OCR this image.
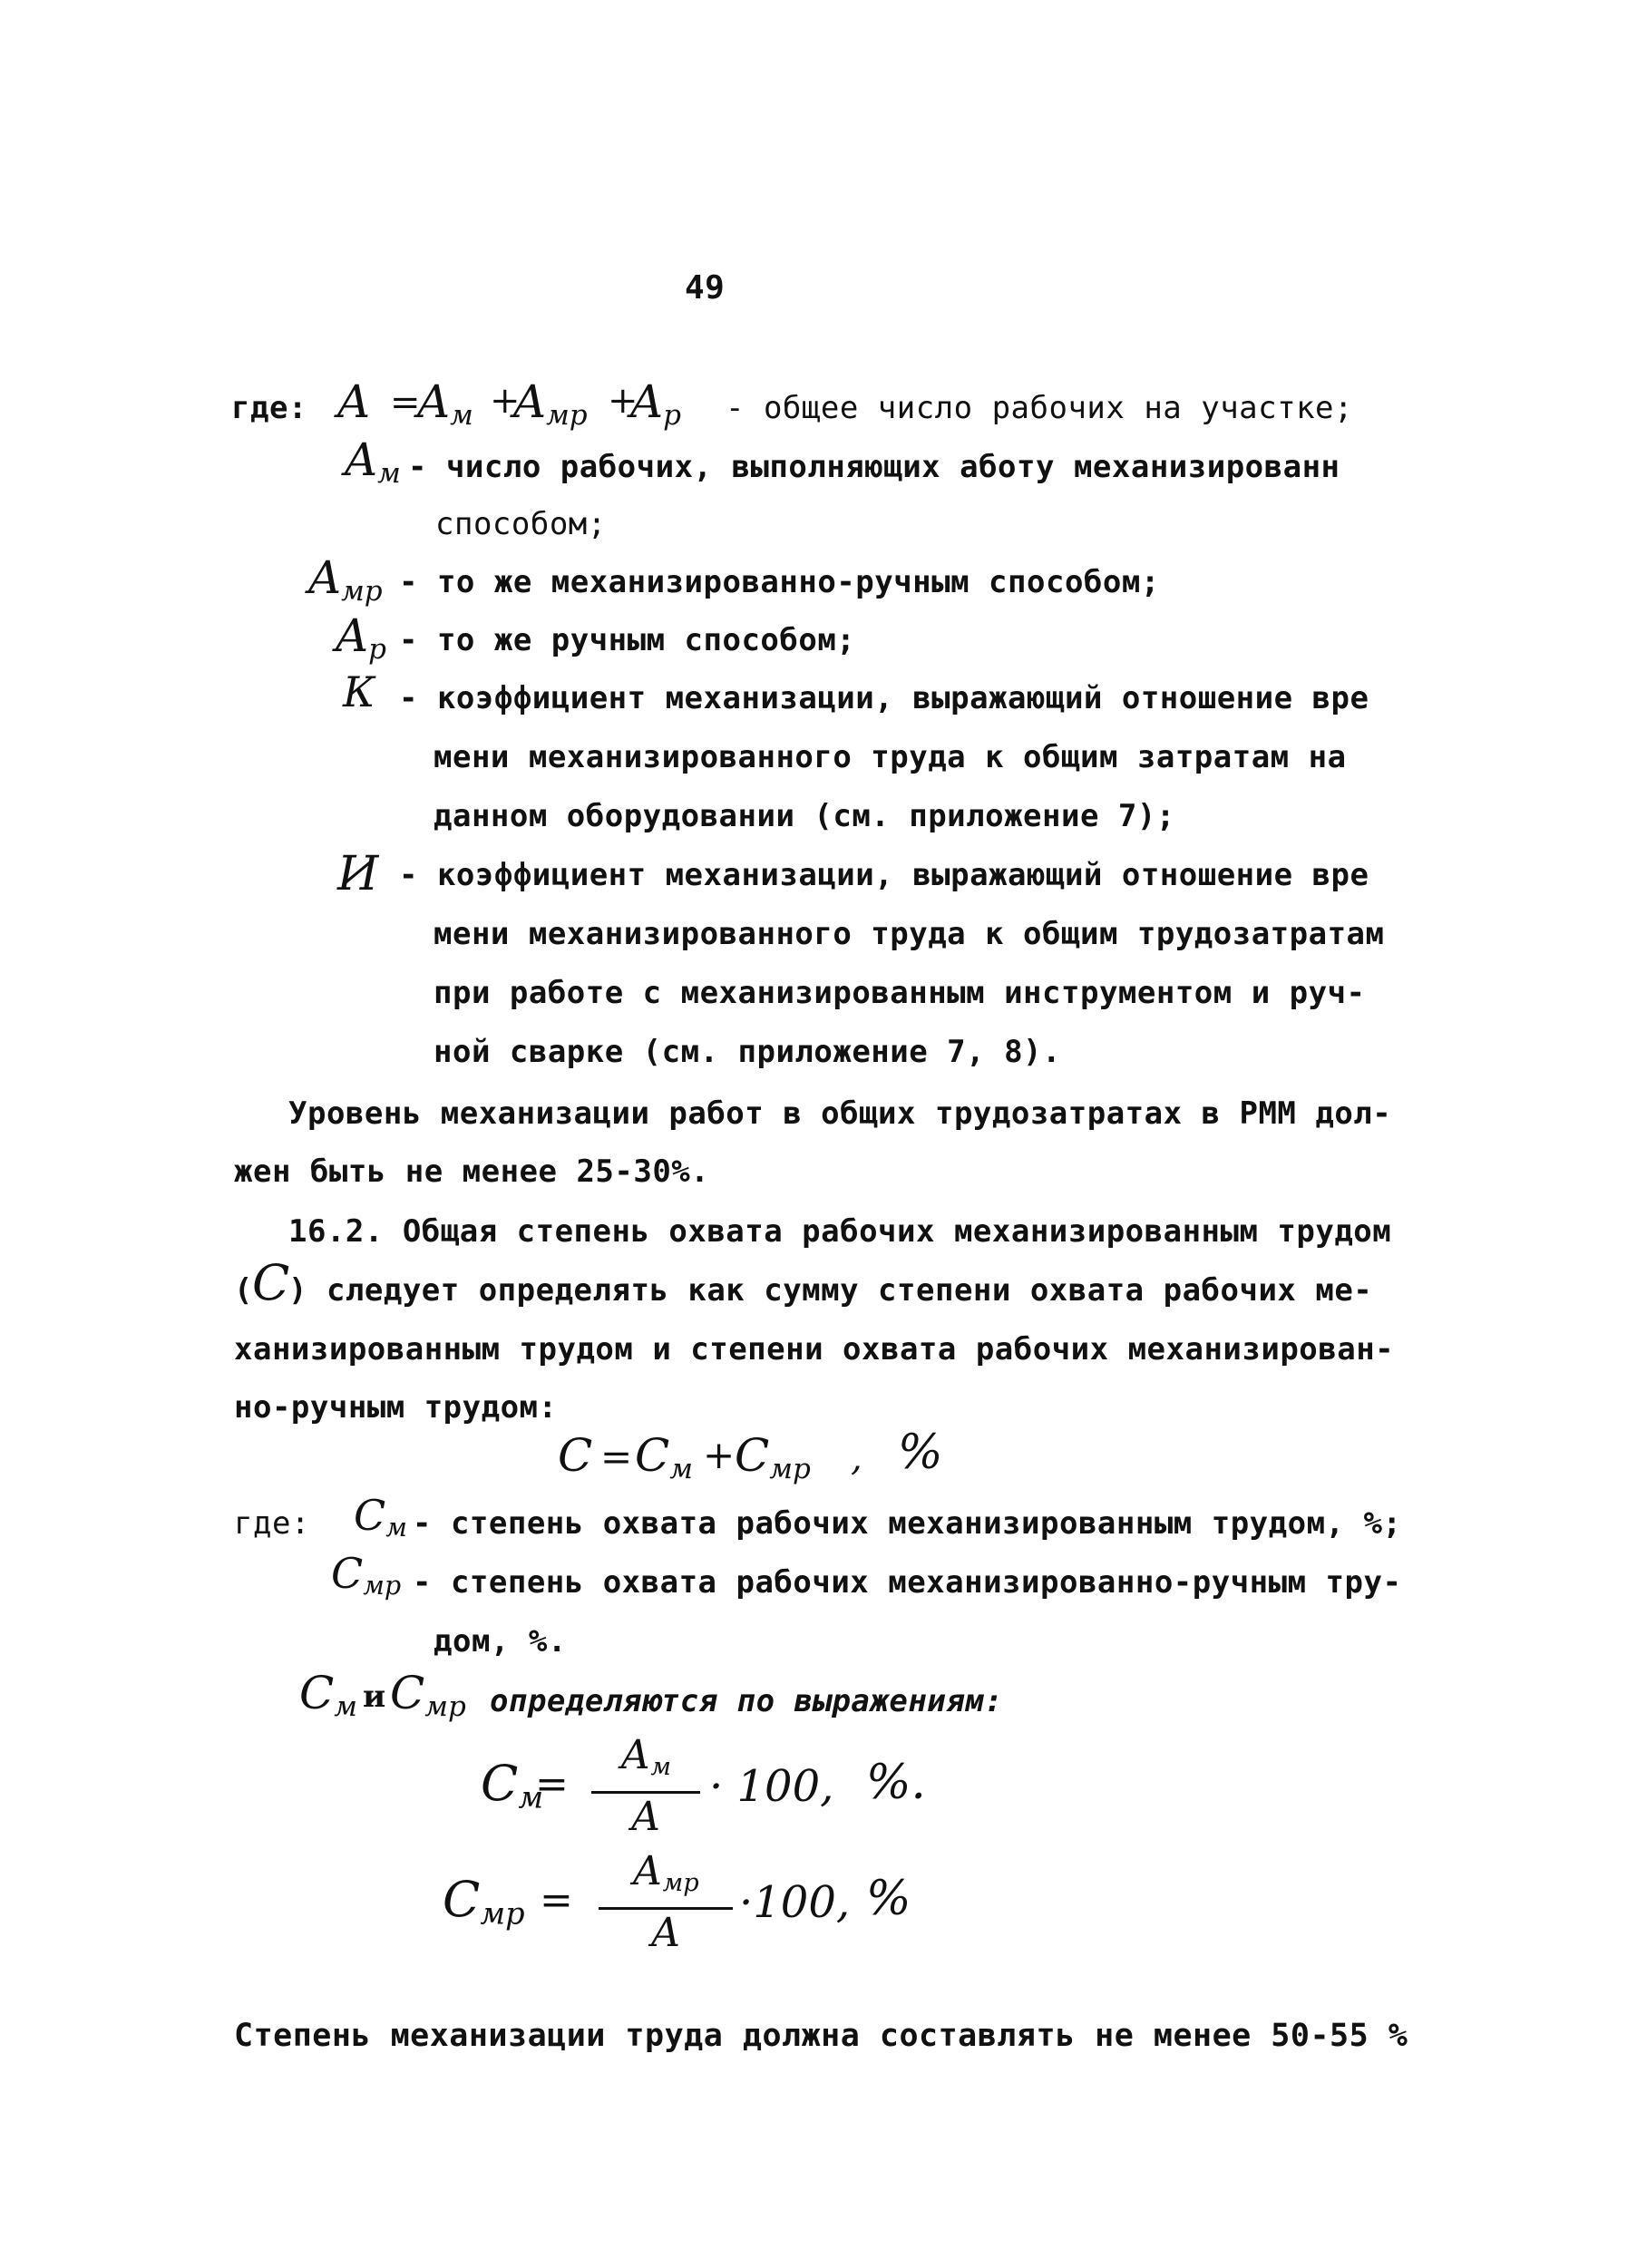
49
где: A =
$A_м$ +
$A_{мр}$ +
$A_р$ - общее число рабочих на участке;
$A_м$ - число рабочих, выполняющих аботу механизированн
способом;
$A_{мр}$ - то же механизированно-ручным способом;
$A_р$ - то же ручным способом;
К - коэффициент механизации, выражающий отношение вре
мени механизированного труда к общим затратам на
данном оборудовании (см. приложение 7);
И - коэффициент механизации, выражающий отношение вре
мени механизированного труда к общим трудозатратам
при работе с механизированным инструментом и руч-
ной сварке (см. приложение 7, 8).
Уровень механизации работ в общих трудозатратах в РММ дол-
жен быть не менее 25-30%.
16.2. Общая степень охвата рабочих механизированным трудом
( С
) следует определять как сумму степени охвата рабочих ме-
ханизированным трудом и степени охвата рабочих механизирован-
но-ручным трудом:
$С = С_м + С_{мр}$ , %
где: $С_м$ - степень охвата рабочих механизированным трудом, %;
$С_{мр}$ - степень охвата рабочих механизированно-ручным тру-
дом, %.
$С_м$ и $С_{мр}$ определяются по выражениям:
$С_м$
=
$А_м$
А
· 100, %.
$С_{мр}$ =
$А_{мр}$
А
·100, %
Степень механизации труда должна составлять не менее 50-55 %
